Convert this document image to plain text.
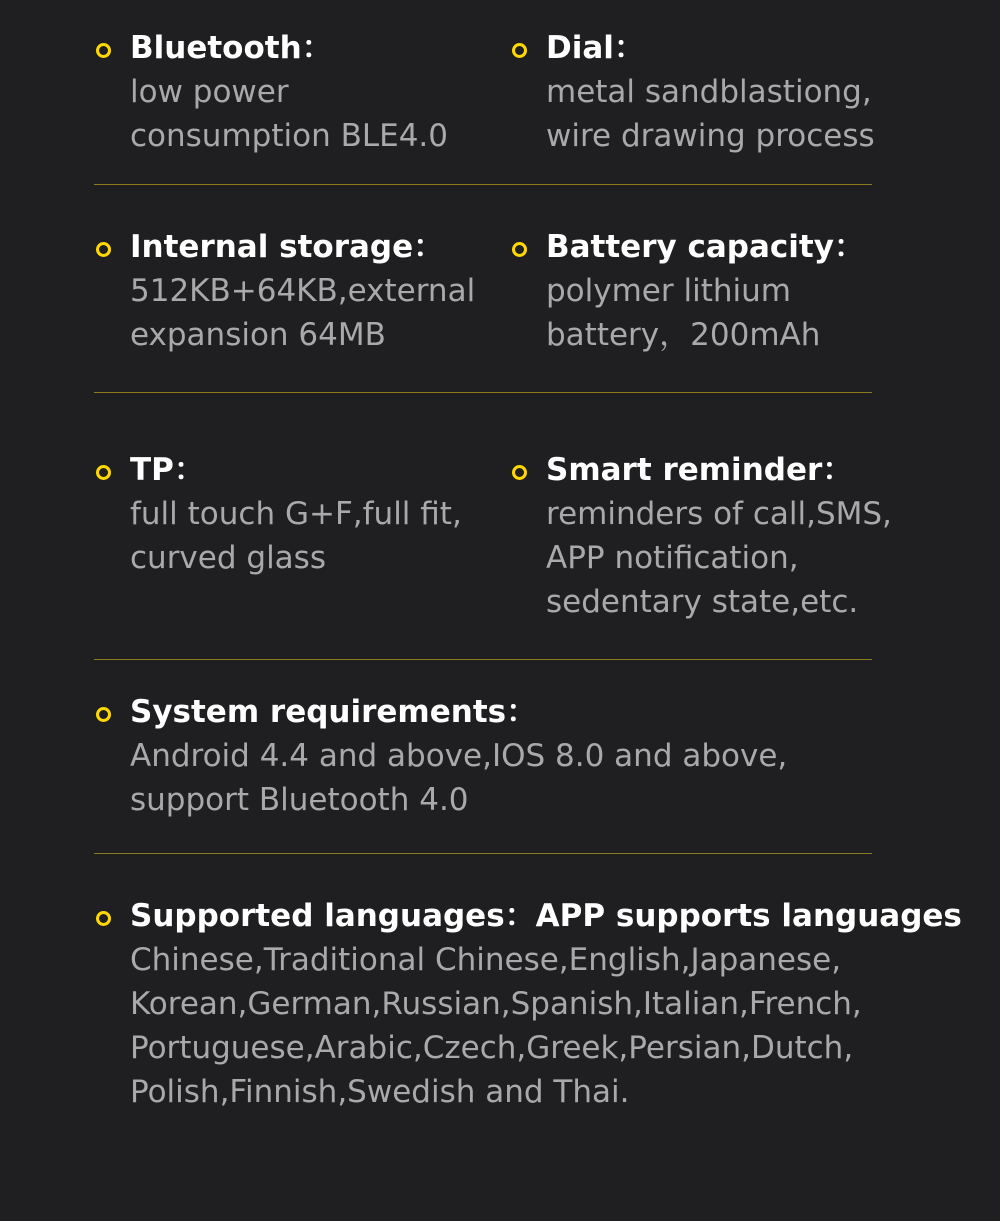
Bluetooth：
low power
consumption BLE4.0
Dial：
metal sandblastiong,
wire drawing process
Internal storage：
512KB+64KB,external
expansion 64MB
Battery capacity：
polymer lithium
battery，200mAh
TP：
full touch G+F,full fit,
curved glass
Smart reminder：
reminders of call,SMS,
APP notification,
sedentary state,etc.
System requirements：
Android 4.4 and above,IOS 8.0 and above,
support Bluetooth 4.0
Supported languages：APP supports languages
Chinese,Traditional Chinese,English,Japanese,
Korean,German,Russian,Spanish,Italian,French,
Portuguese,Arabic,Czech,Greek,Persian,Dutch,
Polish,Finnish,Swedish and Thai.
